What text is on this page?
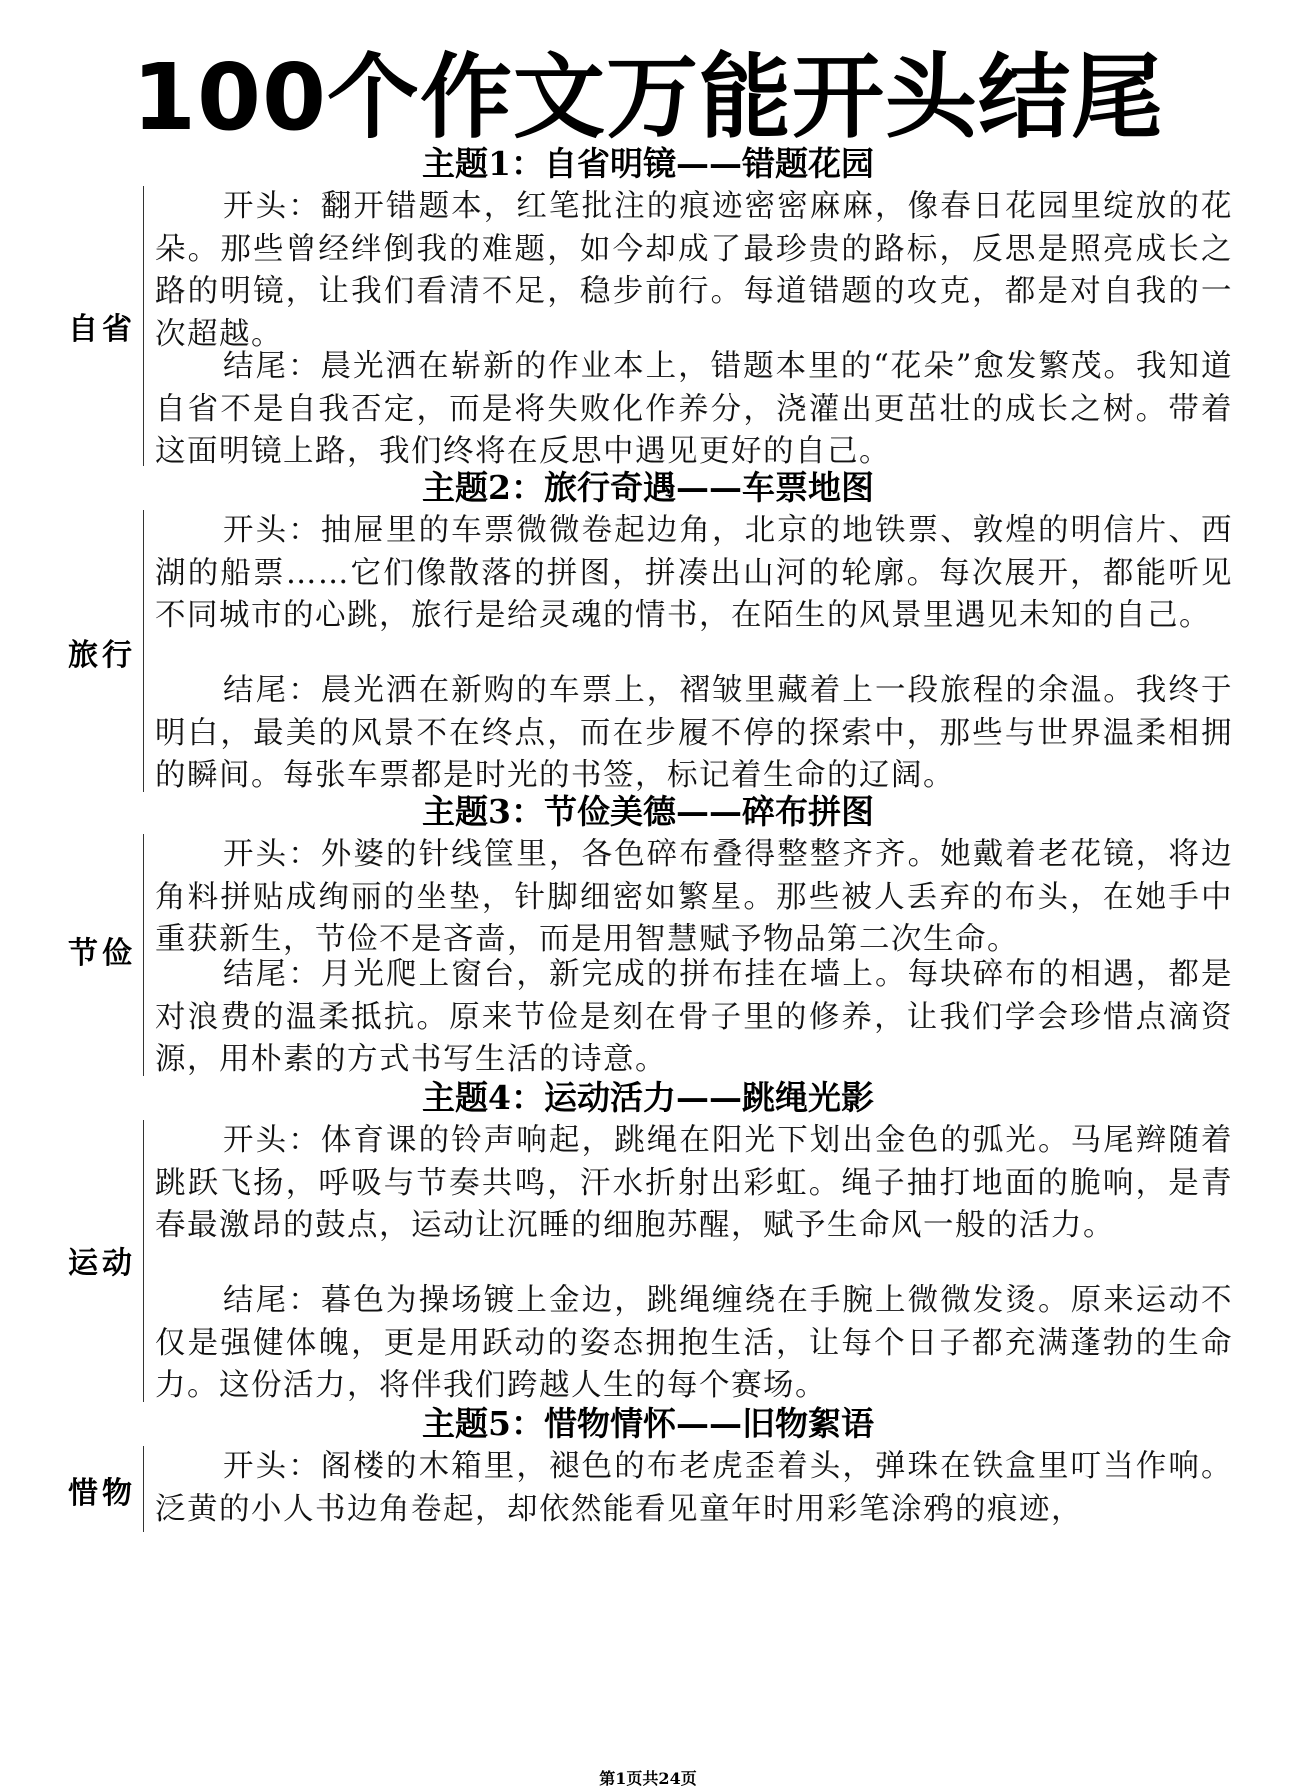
100个作文万能开头结尾
主题1：自省明镜——错题花园
自省

开头：翻开错题本，红笔批注的痕迹密密麻麻，像春日花园里绽放的花朵。那些曾经绊倒我的难题，如今却成了最珍贵的路标，反思是照亮成长之路的明镜，让我们看清不足，稳步前行。每道错题的攻克，都是对自我的一次超越。

结尾：晨光洒在崭新的作业本上，错题本里的“花朵”愈发繁茂。我知道自省不是自我否定，而是将失败化作养分，浇灌出更茁壮的成长之树。带着这面明镜上路，我们终将在反思中遇见更好的自己。

主题2：旅行奇遇——车票地图
旅行

开头：抽屉里的车票微微卷起边角，北京的地铁票、敦煌的明信片、西湖的船票……它们像散落的拼图，拼凑出山河的轮廓。每次展开，都能听见不同城市的心跳，旅行是给灵魂的情书，在陌生的风景里遇见未知的自己。

结尾：晨光洒在新购的车票上，褶皱里藏着上一段旅程的余温。我终于明白，最美的风景不在终点，而在步履不停的探索中，那些与世界温柔相拥的瞬间。每张车票都是时光的书签，标记着生命的辽阔。

主题3：节俭美德——碎布拼图
节俭

开头：外婆的针线筐里，各色碎布叠得整整齐齐。她戴着老花镜，将边角料拼贴成绚丽的坐垫，针脚细密如繁星。那些被人丢弃的布头，在她手中重获新生，节俭不是吝啬，而是用智慧赋予物品第二次生命。

结尾：月光爬上窗台，新完成的拼布挂在墙上。每块碎布的相遇，都是对浪费的温柔抵抗。原来节俭是刻在骨子里的修养，让我们学会珍惜点滴资源，用朴素的方式书写生活的诗意。

主题4：运动活力——跳绳光影
运动

开头：体育课的铃声响起，跳绳在阳光下划出金色的弧光。马尾辫随着跳跃飞扬，呼吸与节奏共鸣，汗水折射出彩虹。绳子抽打地面的脆响，是青春最激昂的鼓点，运动让沉睡的细胞苏醒，赋予生命风一般的活力。

结尾：暮色为操场镀上金边，跳绳缠绕在手腕上微微发烫。原来运动不仅是强健体魄，更是用跃动的姿态拥抱生活，让每个日子都充满蓬勃的生命力。这份活力，将伴我们跨越人生的每个赛场。

主题5：惜物情怀——旧物絮语
惜物

开头：阁楼的木箱里，褪色的布老虎歪着头，弹珠在铁盒里叮当作响。泛黄的小人书边角卷起，却依然能看见童年时用彩笔涂鸦的痕迹，

第1页共24页
